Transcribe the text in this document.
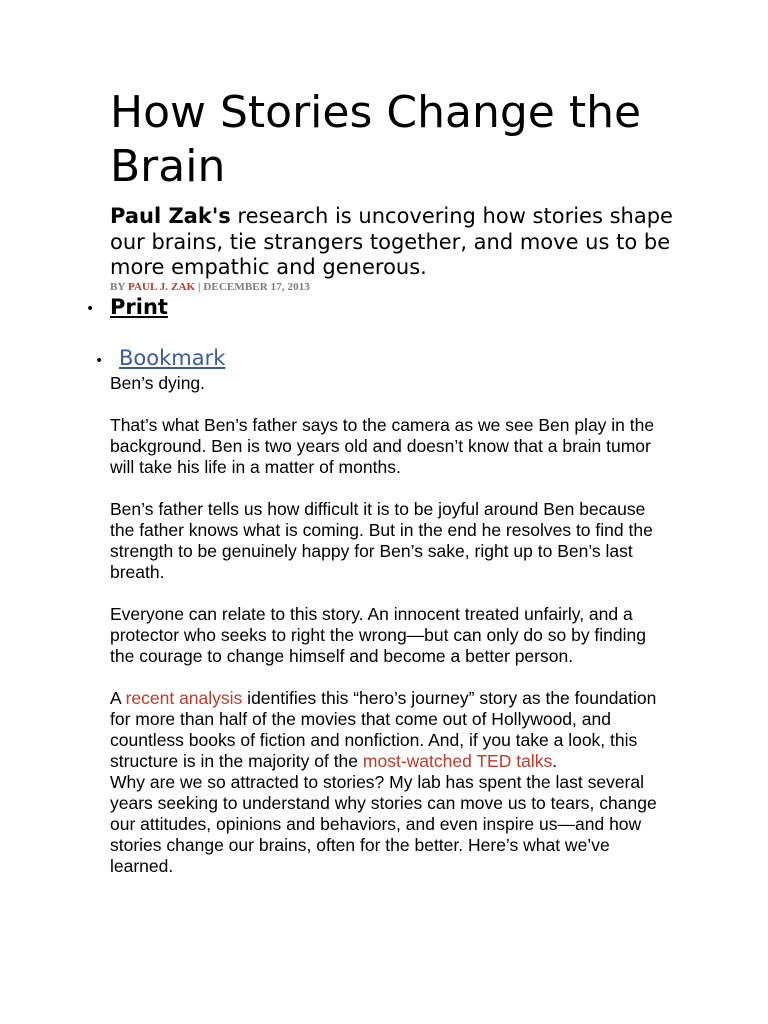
How Stories Change the Brain

Paul Zak's research is uncovering how stories shape our brains, tie strangers together, and move us to be more empathic and generous.

BY PAUL J. ZAK | DECEMBER 17, 2013
• Print
• Bookmark

Ben’s dying.

That’s what Ben’s father says to the camera as we see Ben play in the background. Ben is two years old and doesn’t know that a brain tumor will take his life in a matter of months.

Ben’s father tells us how difficult it is to be joyful around Ben because the father knows what is coming. But in the end he resolves to find the strength to be genuinely happy for Ben’s sake, right up to Ben’s last breath.

Everyone can relate to this story. An innocent treated unfairly, and a protector who seeks to right the wrong—but can only do so by finding the courage to change himself and become a better person.

A recent analysis identifies this “hero’s journey” story as the foundation for more than half of the movies that come out of Hollywood, and countless books of fiction and nonfiction. And, if you take a look, this structure is in the majority of the most-watched TED talks.

Why are we so attracted to stories? My lab has spent the last several years seeking to understand why stories can move us to tears, change our attitudes, opinions and behaviors, and even inspire us—and how stories change our brains, often for the better. Here’s what we’ve learned.
